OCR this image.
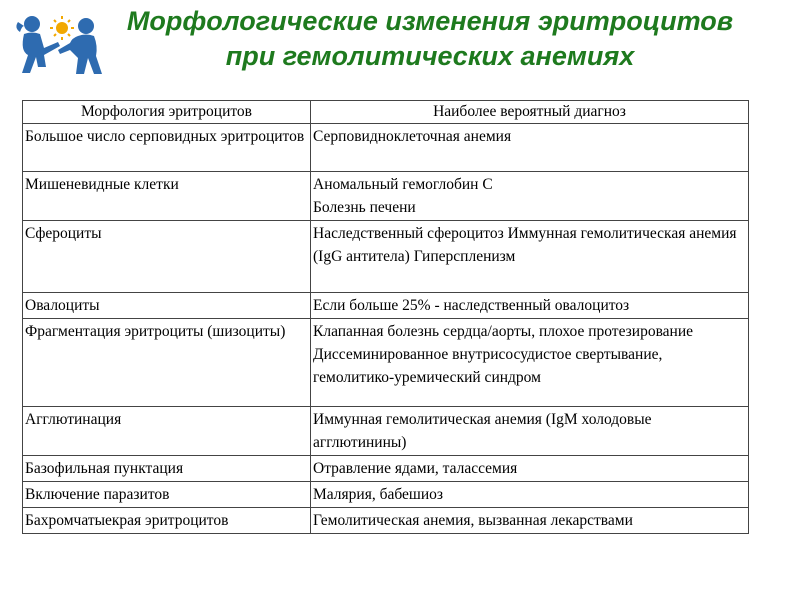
Морфологические изменения эритроцитов при гемолитических анемиях
Морфология эритроцитов	Наиболее вероятный диагноз
Большое число серповидных эритроцитов	Серповидноклеточная анемия

Мишеневидные клетки	Аномальный гемоглобин С
Болезнь печени

Сфероциты	Наследственный сфероцитоз Иммунная гемолитическая анемия (IgG антитела) Гиперспленизм

Овалоциты	Если больше 25% - наследственный овалоцитоз

Фрагментация эритроциты (шизоциты)	Клапанная болезнь сердца/аорты, плохое протезирование
Диссеминированное внутрисосудистое свертывание, гемолитико-уремический синдром

Агглютинация	Иммунная гемолитическая анемия (IgM холодовые агглютинины)

Базофильная пунктация	Отравление ядами, талассемия

Включение паразитов	Малярия, бабешиоз

Бахромчатыекрая эритроцитов	Гемолитическая анемия, вызванная лекарствами
